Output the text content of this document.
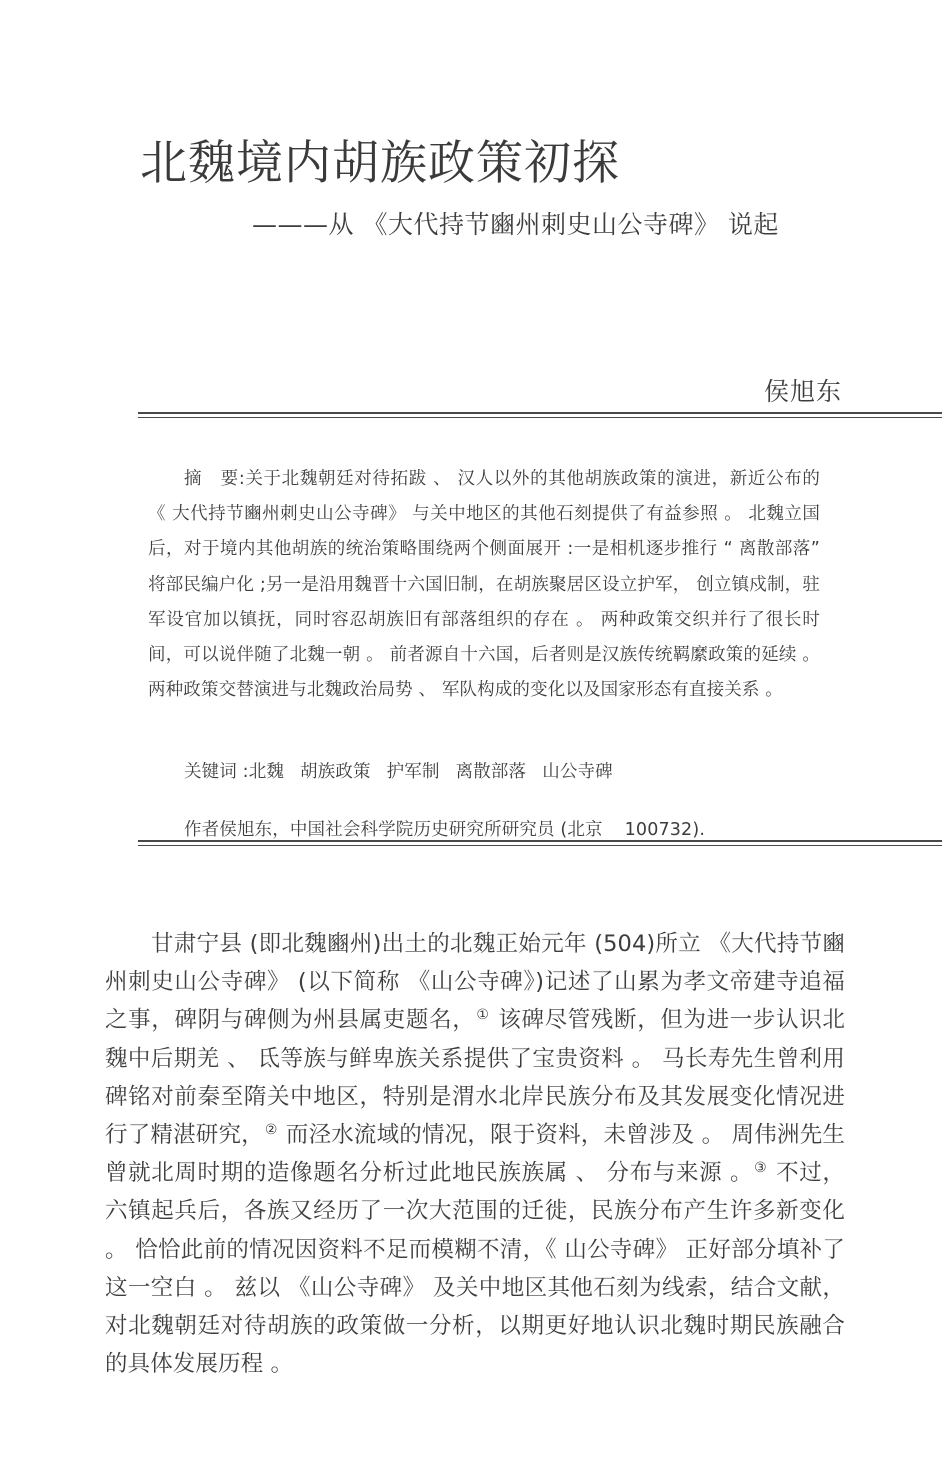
北魏境内胡族政策初探
———从 《大代持节豳州刺史山公寺碑》 说起
侯旭东

摘 要:关于北魏朝廷对待拓跋 、 汉人以外的其他胡族政策的演进，新近公布的 《 大代持节豳州刺史山公寺碑》 与关中地区的其他石刻提供了有益参照 。 北魏立国后，对于境内其他胡族的统治策略围绕两个侧面展开 :一是相机逐步推行 “ 离散部落” 将部民编户化 ;另一是沿用魏晋十六国旧制，在胡族聚居区设立护军， 创立镇戍制，驻军设官加以镇抚，同时容忍胡族旧有部落组织的存在 。 两种政策交织并行了很长时间，可以说伴随了北魏一朝 。 前者源自十六国，后者则是汉族传统羁縻政策的延续 。 两种政策交替演进与北魏政治局势 、 军队构成的变化以及国家形态有直接关系 。

关键词 :北魏 胡族政策 护军制 离散部落 山公寺碑

作者侯旭东，中国社会科学院历史研究所研究员 (北京 100732).

甘肃宁县 (即北魏豳州)出土的北魏正始元年 (504)所立 《大代持节豳州刺史山公寺碑》 (以下简称 《山公寺碑》)记述了山累为孝文帝建寺追福之事，碑阴与碑侧为州县属吏题名，① 该碑尽管残断，但为进一步认识北魏中后期羌 、 氐等族与鲜卑族关系提供了宝贵资料 。 马长寿先生曾利用碑铭对前秦至隋关中地区，特别是渭水北岸民族分布及其发展变化情况进行了精湛研究，② 而泾水流域的情况，限于资料，未曾涉及 。 周伟洲先生曾就北周时期的造像题名分析过此地民族族属 、 分布与来源 。③ 不过，六镇起兵后，各族又经历了一次大范围的迁徙，民族分布产生许多新变化 。 恰恰此前的情况因资料不足而模糊不清，《 山公寺碑》 正好部分填补了这一空白 。 兹以 《山公寺碑》 及关中地区其他石刻为线索，结合文献，对北魏朝廷对待胡族的政策做一分析，以期更好地认识北魏时期民族融合的具体发展历程 。
